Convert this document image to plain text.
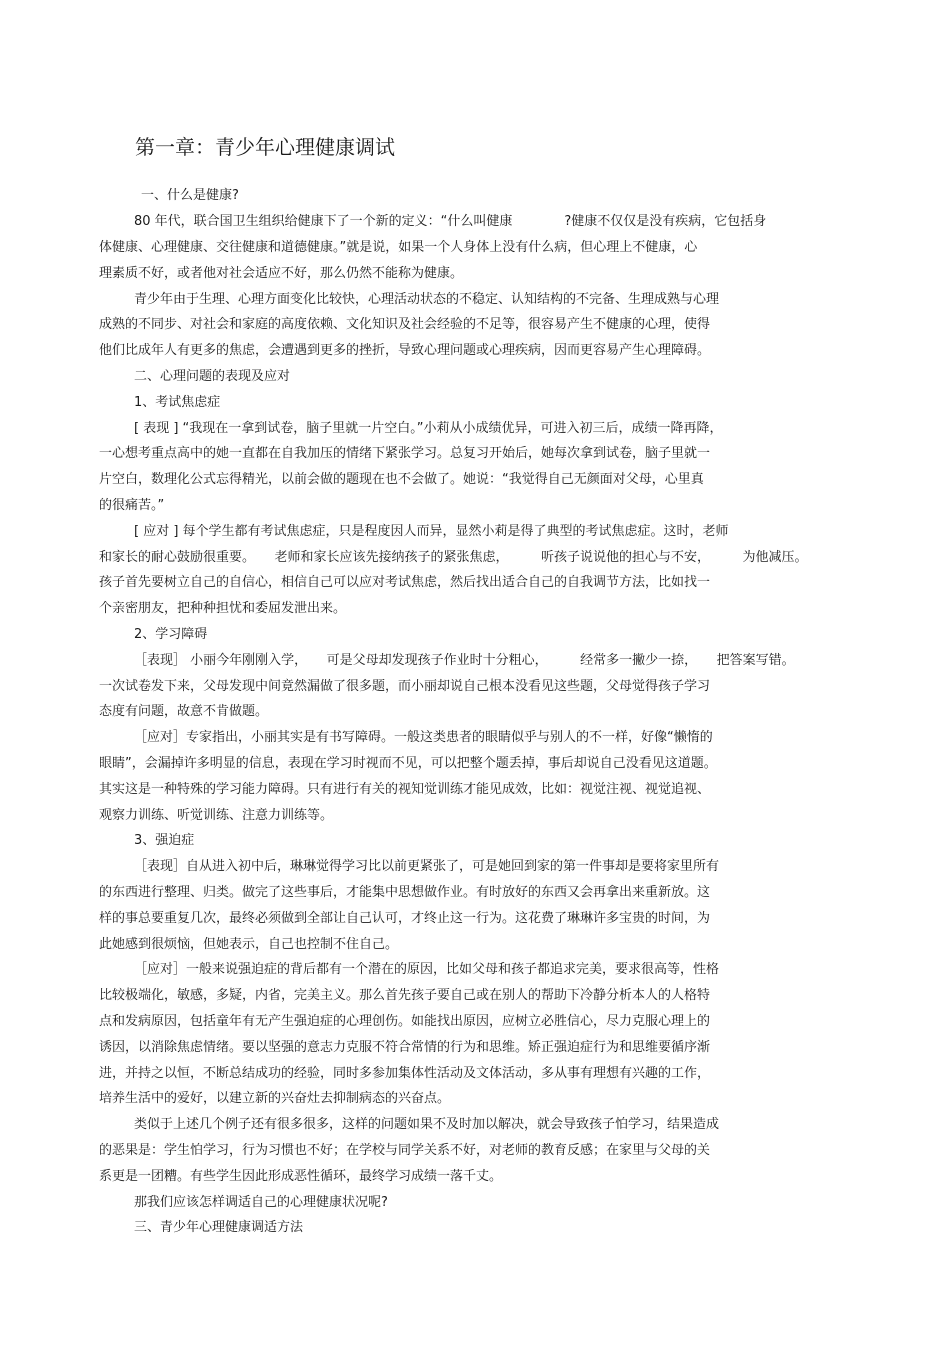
第一章：青少年心理健康调试
一、什么是健康?
80 年代，联合国卫生组织给健康下了一个新的定义：“什么叫健康　　　　?健康不仅仅是没有疾病，它包括身
体健康、心理健康、交往健康和道德健康。”就是说，如果一个人身体上没有什么病，但心理上不健康，心
理素质不好，或者他对社会适应不好，那么仍然不能称为健康。
青少年由于生理、心理方面变化比较快，心理活动状态的不稳定、认知结构的不完备、生理成熟与心理
成熟的不同步、对社会和家庭的高度依赖、文化知识及社会经验的不足等，很容易产生不健康的心理，使得
他们比成年人有更多的焦虑，会遭遇到更多的挫折，导致心理问题或心理疾病，因而更容易产生心理障碍。
二、心理问题的表现及应对
1、考试焦虑症
[ 表现 ] “我现在一拿到试卷，脑子里就一片空白。”小莉从小成绩优异，可进入初三后，成绩一降再降，
一心想考重点高中的她一直都在自我加压的情绪下紧张学习。总复习开始后，她每次拿到试卷，脑子里就一
片空白，数理化公式忘得精光，以前会做的题现在也不会做了。她说：“我觉得自己无颜面对父母，心里真
的很痛苦。”
[ 应对 ] 每个学生都有考试焦虑症，只是程度因人而异，显然小莉是得了典型的考试焦虑症。这时，老师
和家长的耐心鼓励很重要。　　老师和家长应该先接纳孩子的紧张焦虑，　　　听孩子说说他的担心与不安，　　　为他减压。
孩子首先要树立自己的自信心，相信自己可以应对考试焦虑，然后找出适合自己的自我调节方法，比如找一
个亲密朋友，把种种担忧和委屈发泄出来。
2、学习障碍
［表现］ 小丽今年刚刚入学，　　可是父母却发现孩子作业时十分粗心，　　　经常多一撇少一捺，　　把答案写错。
一次试卷发下来，父母发现中间竟然漏做了很多题，而小丽却说自己根本没看见这些题，父母觉得孩子学习
态度有问题，故意不肯做题。
［应对］专家指出，小丽其实是有书写障碍。一般这类患者的眼睛似乎与别人的不一样，好像“懒惰的
眼睛”，会漏掉许多明显的信息，表现在学习时视而不见，可以把整个题丢掉，事后却说自己没看见这道题。
其实这是一种特殊的学习能力障碍。只有进行有关的视知觉训练才能见成效，比如：视觉注视、视觉追视、
观察力训练、听觉训练、注意力训练等。
3、强迫症
［表现］自从进入初中后，琳琳觉得学习比以前更紧张了，可是她回到家的第一件事却是要将家里所有
的东西进行整理、归类。做完了这些事后，才能集中思想做作业。有时放好的东西又会再拿出来重新放。这
样的事总要重复几次，最终必须做到全部让自己认可，才终止这一行为。这花费了琳琳许多宝贵的时间，为
此她感到很烦恼，但她表示，自己也控制不住自己。
［应对］一般来说强迫症的背后都有一个潜在的原因，比如父母和孩子都追求完美，要求很高等，性格
比较极端化，敏感，多疑，内省，完美主义。那么首先孩子要自己或在别人的帮助下冷静分析本人的人格特
点和发病原因，包括童年有无产生强迫症的心理创伤。如能找出原因，应树立必胜信心，尽力克服心理上的
诱因，以消除焦虑情绪。要以坚强的意志力克服不符合常情的行为和思维。矫正强迫症行为和思维要循序渐
进，并持之以恒，不断总结成功的经验，同时多参加集体性活动及文体活动，多从事有理想有兴趣的工作，
培养生活中的爱好，以建立新的兴奋灶去抑制病态的兴奋点。
类似于上述几个例子还有很多很多，这样的问题如果不及时加以解决，就会导致孩子怕学习，结果造成
的恶果是：学生怕学习，行为习惯也不好；在学校与同学关系不好，对老师的教育反感；在家里与父母的关
系更是一团糟。有些学生因此形成恶性循环，最终学习成绩一落千丈。
那我们应该怎样调适自己的心理健康状况呢?
三、青少年心理健康调适方法
